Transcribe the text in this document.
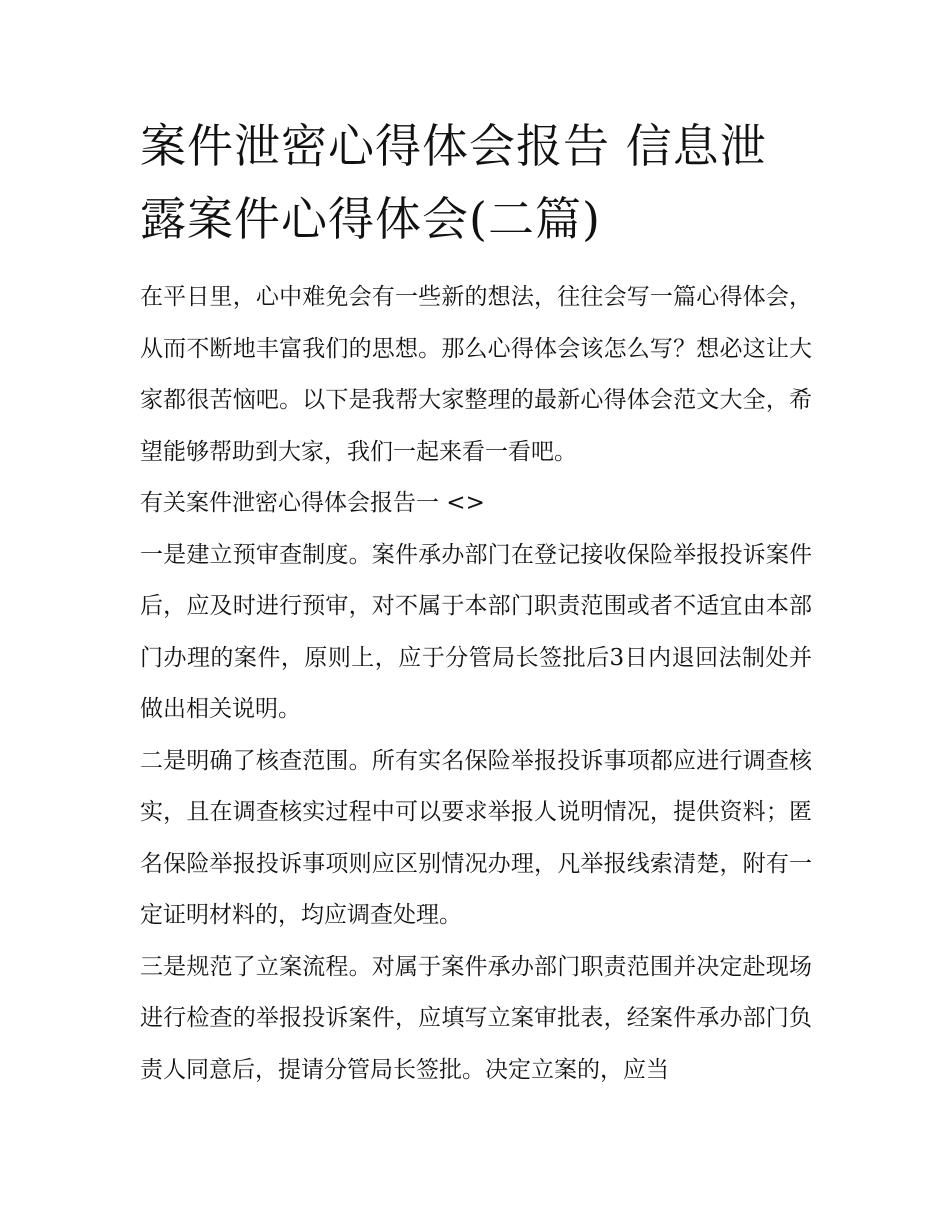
案件泄密心得体会报告 信息泄露案件心得体会(二篇)

在平日里，心中难免会有一些新的想法，往往会写一篇心得体会，从而不断地丰富我们的思想。那么心得体会该怎么写？想必这让大家都很苦恼吧。以下是我帮大家整理的最新心得体会范文大全，希望能够帮助到大家，我们一起来看一看吧。

有关案件泄密心得体会报告一 <>

一是建立预审查制度。案件承办部门在登记接收保险举报投诉案件后，应及时进行预审，对不属于本部门职责范围或者不适宜由本部门办理的案件，原则上，应于分管局长签批后3日内退回法制处并做出相关说明。

二是明确了核查范围。所有实名保险举报投诉事项都应进行调查核实，且在调查核实过程中可以要求举报人说明情况，提供资料；匿名保险举报投诉事项则应区别情况办理，凡举报线索清楚，附有一定证明材料的，均应调查处理。

三是规范了立案流程。对属于案件承办部门职责范围并决定赴现场进行检查的举报投诉案件，应填写立案审批表，经案件承办部门负责人同意后，提请分管局长签批。决定立案的，应当
